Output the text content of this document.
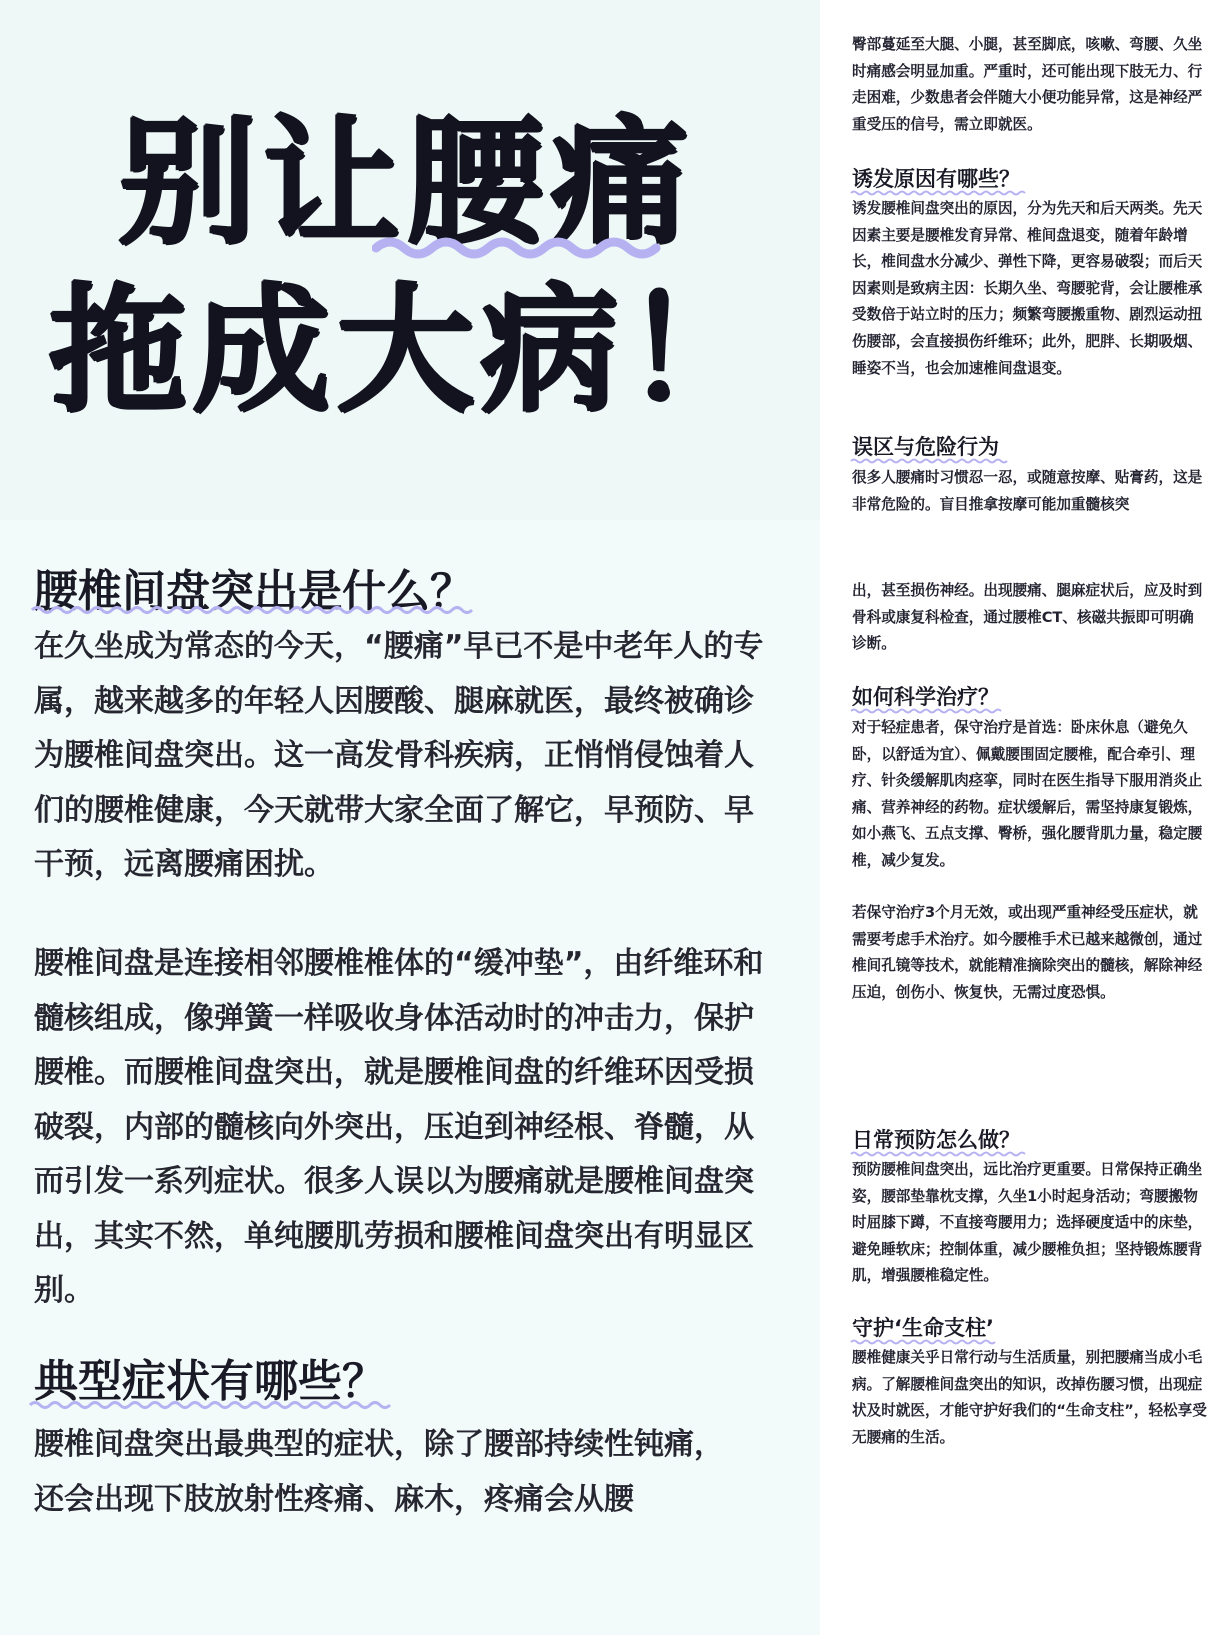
别让腰痛
拖成大病！
腰椎间盘突出是什么？
在久坐成为常态的今天，“腰痛”早已不是中老年人的专属，越来越多的年轻人因腰酸、腿麻就医，最终被确诊为腰椎间盘突出。这一高发骨科疾病，正悄悄侵蚀着人们的腰椎健康，今天就带大家全面了解它，早预防、早干预，远离腰痛困扰。
腰椎间盘是连接相邻腰椎椎体的“缓冲垫”，由纤维环和髓核组成，像弹簧一样吸收身体活动时的冲击力，保护腰椎。而腰椎间盘突出，就是腰椎间盘的纤维环因受损破裂，内部的髓核向外突出，压迫到神经根、脊髓，从而引发一系列症状。很多人误以为腰痛就是腰椎间盘突出，其实不然，单纯腰肌劳损和腰椎间盘突出有明显区别。
典型症状有哪些？
腰椎间盘突出最典型的症状，除了腰部持续性钝痛，还会出现下肢放射性疼痛、麻木，疼痛会从腰
臀部蔓延至大腿、小腿，甚至脚底，咳嗽、弯腰、久坐时痛感会明显加重。严重时，还可能出现下肢无力、行走困难，少数患者会伴随大小便功能异常，这是神经严重受压的信号，需立即就医。
诱发原因有哪些？
诱发腰椎间盘突出的原因，分为先天和后天两类。先天因素主要是腰椎发育异常、椎间盘退变，随着年龄增长，椎间盘水分减少、弹性下降，更容易破裂；而后天因素则是致病主因：长期久坐、弯腰驼背，会让腰椎承受数倍于站立时的压力；频繁弯腰搬重物、剧烈运动扭伤腰部，会直接损伤纤维环；此外，肥胖、长期吸烟、睡姿不当，也会加速椎间盘退变。
误区与危险行为
很多人腰痛时习惯忍一忍，或随意按摩、贴膏药，这是非常危险的。盲目推拿按摩可能加重髓核突
出，甚至损伤神经。出现腰痛、腿麻症状后，应及时到骨科或康复科检查，通过腰椎CT、核磁共振即可明确诊断。
如何科学治疗？
对于轻症患者，保守治疗是首选：卧床休息（避免久卧，以舒适为宜）、佩戴腰围固定腰椎，配合牵引、理疗、针灸缓解肌肉痉挛，同时在医生指导下服用消炎止痛、营养神经的药物。症状缓解后，需坚持康复锻炼，如小燕飞、五点支撑、臀桥，强化腰背肌力量，稳定腰椎，减少复发。
若保守治疗3个月无效，或出现严重神经受压症状，就需要考虑手术治疗。如今腰椎手术已越来越微创，通过椎间孔镜等技术，就能精准摘除突出的髓核，解除神经压迫，创伤小、恢复快，无需过度恐惧。
日常预防怎么做？
预防腰椎间盘突出，远比治疗更重要。日常保持正确坐姿，腰部垫靠枕支撑，久坐1小时起身活动；弯腰搬物时屈膝下蹲，不直接弯腰用力；选择硬度适中的床垫，避免睡软床；控制体重，减少腰椎负担；坚持锻炼腰背肌，增强腰椎稳定性。
守护‘生命支柱’
腰椎健康关乎日常行动与生活质量，别把腰痛当成小毛病。了解腰椎间盘突出的知识，改掉伤腰习惯，出现症状及时就医，才能守护好我们的“生命支柱”，轻松享受无腰痛的生活。
